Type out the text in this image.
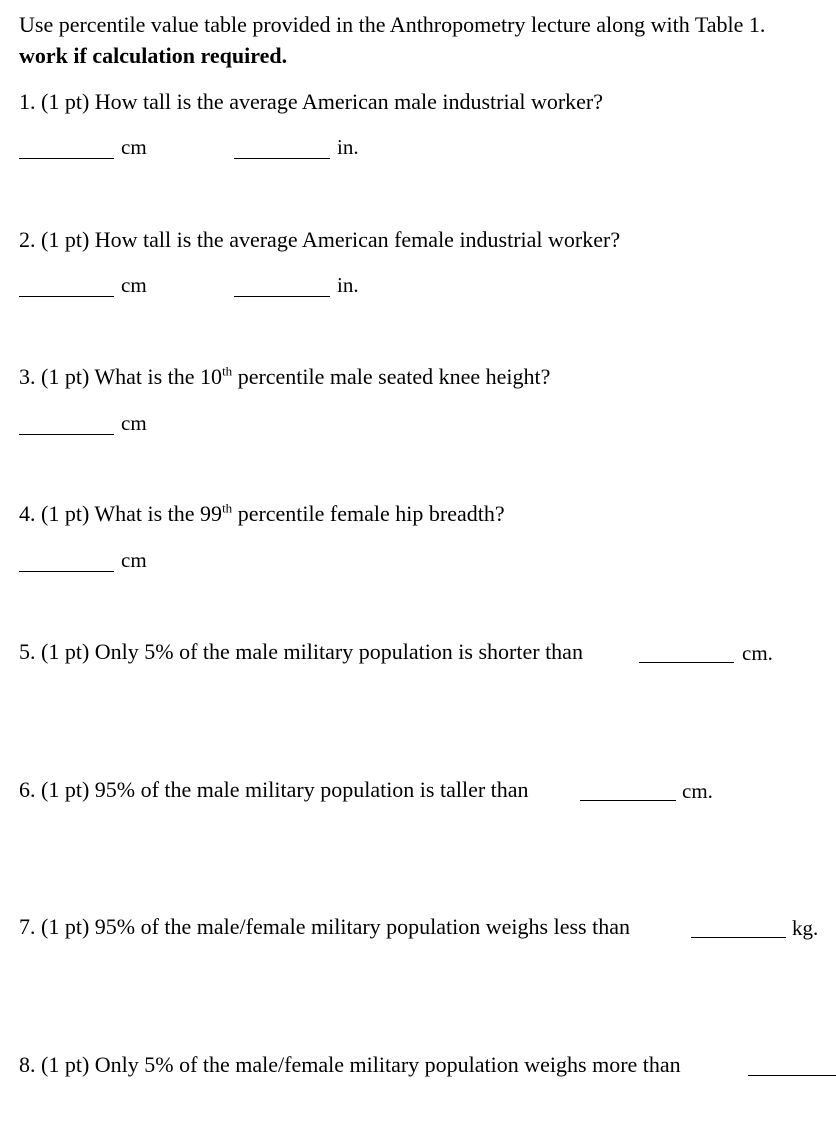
Use percentile value table provided in the Anthropometry lecture along with Table 1.
work if calculation required.
1. (1 pt) How tall is the average American male industrial worker?
cm	in.
2. (1 pt) How tall is the average American female industrial worker?
cm	in.
3. (1 pt) What is the 10th percentile male seated knee height?
cm
4. (1 pt) What is the 99th percentile female hip breadth?
cm
5. (1 pt) Only 5% of the male military population is shorter than	cm.
6. (1 pt) 95% of the male military population is taller than	cm.
7. (1 pt) 95% of the male/female military population weighs less than	kg.
8. (1 pt) Only 5% of the male/female military population weighs more than
